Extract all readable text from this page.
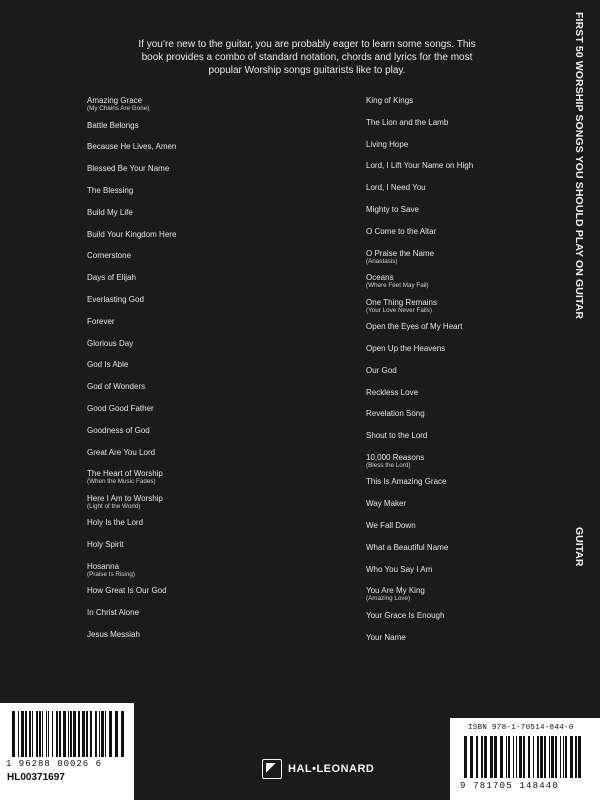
If you’re new to the guitar, you are probably eager to learn some songs. This
book provides a combo of standard notation, chords and lyrics for the most
popular Worship songs guitarists like to play.
Amazing Grace
(My Chains Are Gone)
Battle Belongs
Because He Lives, Amen
Blessed Be Your Name
The Blessing
Build My Life
Build Your Kingdom Here
Cornerstone
Days of Elijah
Everlasting God
Forever
Glorious Day
God Is Able
God of Wonders
Good Good Father
Goodness of God
Great Are You Lord
The Heart of Worship
(When the Music Fades)
Here I Am to Worship
(Light of the World)
Holy Is the Lord
Holy Spirit
Hosanna
(Praise Is Rising)
How Great Is Our God
In Christ Alone
Jesus Messiah
King of Kings
The Lion and the Lamb
Living Hope
Lord, I Lift Your Name on High
Lord, I Need You
Mighty to Save
O Come to the Altar
O Praise the Name
(Anastasis)
Oceans
(Where Feet May Fail)
One Thing Remains
(Your Love Never Fails)
Open the Eyes of My Heart
Open Up the Heavens
Our God
Reckless Love
Revelation Song
Shout to the Lord
10,000 Reasons
(Bless the Lord)
This Is Amazing Grace
Way Maker
We Fall Down
What a Beautiful Name
Who You Say I Am
You Are My King
(Amazing Love)
Your Grace Is Enough
Your Name
FIRST 50 WORSHIP SONGS YOU SHOULD PLAY ON GUITAR
GUITAR
1 96288 00026 6
HL00371697
HAL•LEONARD
ISBN 978-1-70514-844-0
9 781705 148440
